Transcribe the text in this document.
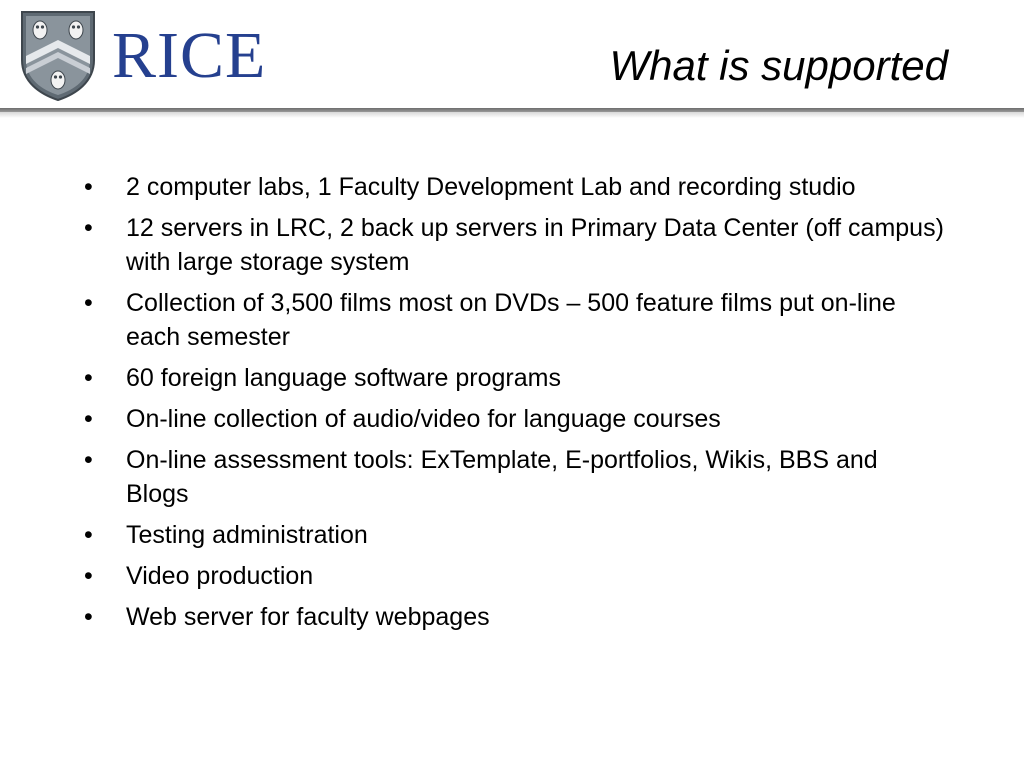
RICE	What is supported
• 2 computer labs, 1 Faculty Development Lab and recording studio
• 12 servers in LRC, 2 back up servers in Primary Data Center (off campus) with large storage system
• Collection of 3,500 films most on DVDs – 500 feature films put on-line each semester
• 60 foreign language software programs
• On-line collection of audio/video for language courses
• On-line assessment tools: ExTemplate, E-portfolios, Wikis, BBS and Blogs
• Testing administration
• Video production
• Web server for faculty webpages
